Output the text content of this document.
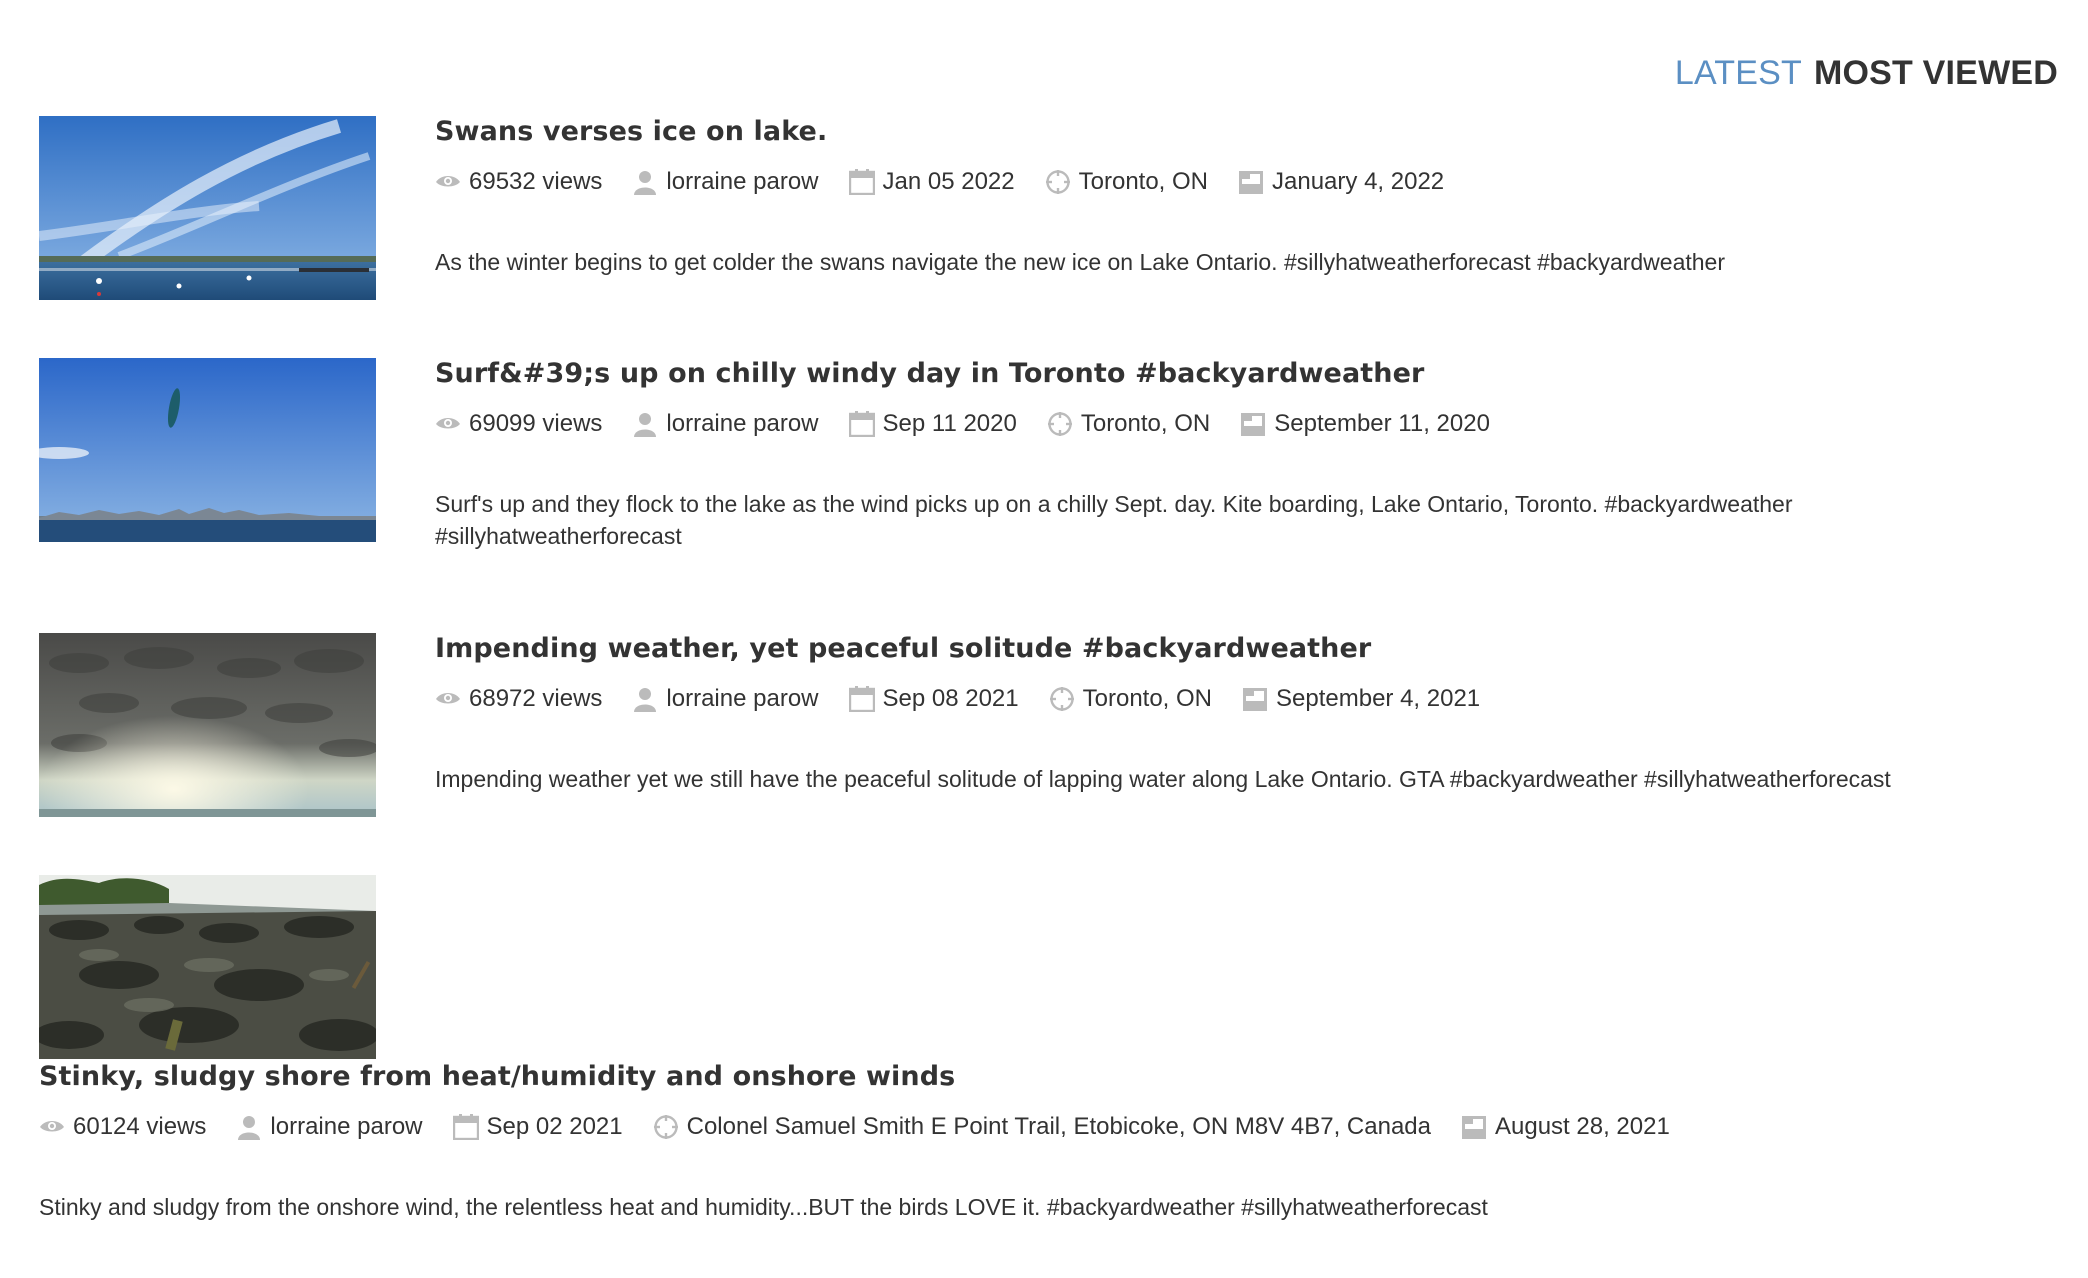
LATEST MOST VIEWED
Swans verses ice on lake.
69532 views	lorraine parow	Jan 05 2022	Toronto, ON	January 4, 2022
As the winter begins to get colder the swans navigate the new ice on Lake Ontario. #sillyhatweatherforecast #backyardweather
Surf&#39;s up on chilly windy day in Toronto #backyardweather
69099 views	lorraine parow	Sep 11 2020	Toronto, ON	September 11, 2020
Surf's up and they flock to the lake as the wind picks up on a chilly Sept. day. Kite boarding, Lake Ontario, Toronto. #backyardweather #sillyhatweatherforecast
Impending weather, yet peaceful solitude #backyardweather
68972 views	lorraine parow	Sep 08 2021	Toronto, ON	September 4, 2021
Impending weather yet we still have the peaceful solitude of lapping water along Lake Ontario. GTA #backyardweather #sillyhatweatherforecast
Stinky, sludgy shore from heat/humidity and onshore winds
60124 views	lorraine parow	Sep 02 2021	Colonel Samuel Smith E Point Trail, Etobicoke, ON M8V 4B7, Canada	August 28, 2021
Stinky and sludgy from the onshore wind, the relentless heat and humidity...BUT the birds LOVE it. #backyardweather #sillyhatweatherforecast
